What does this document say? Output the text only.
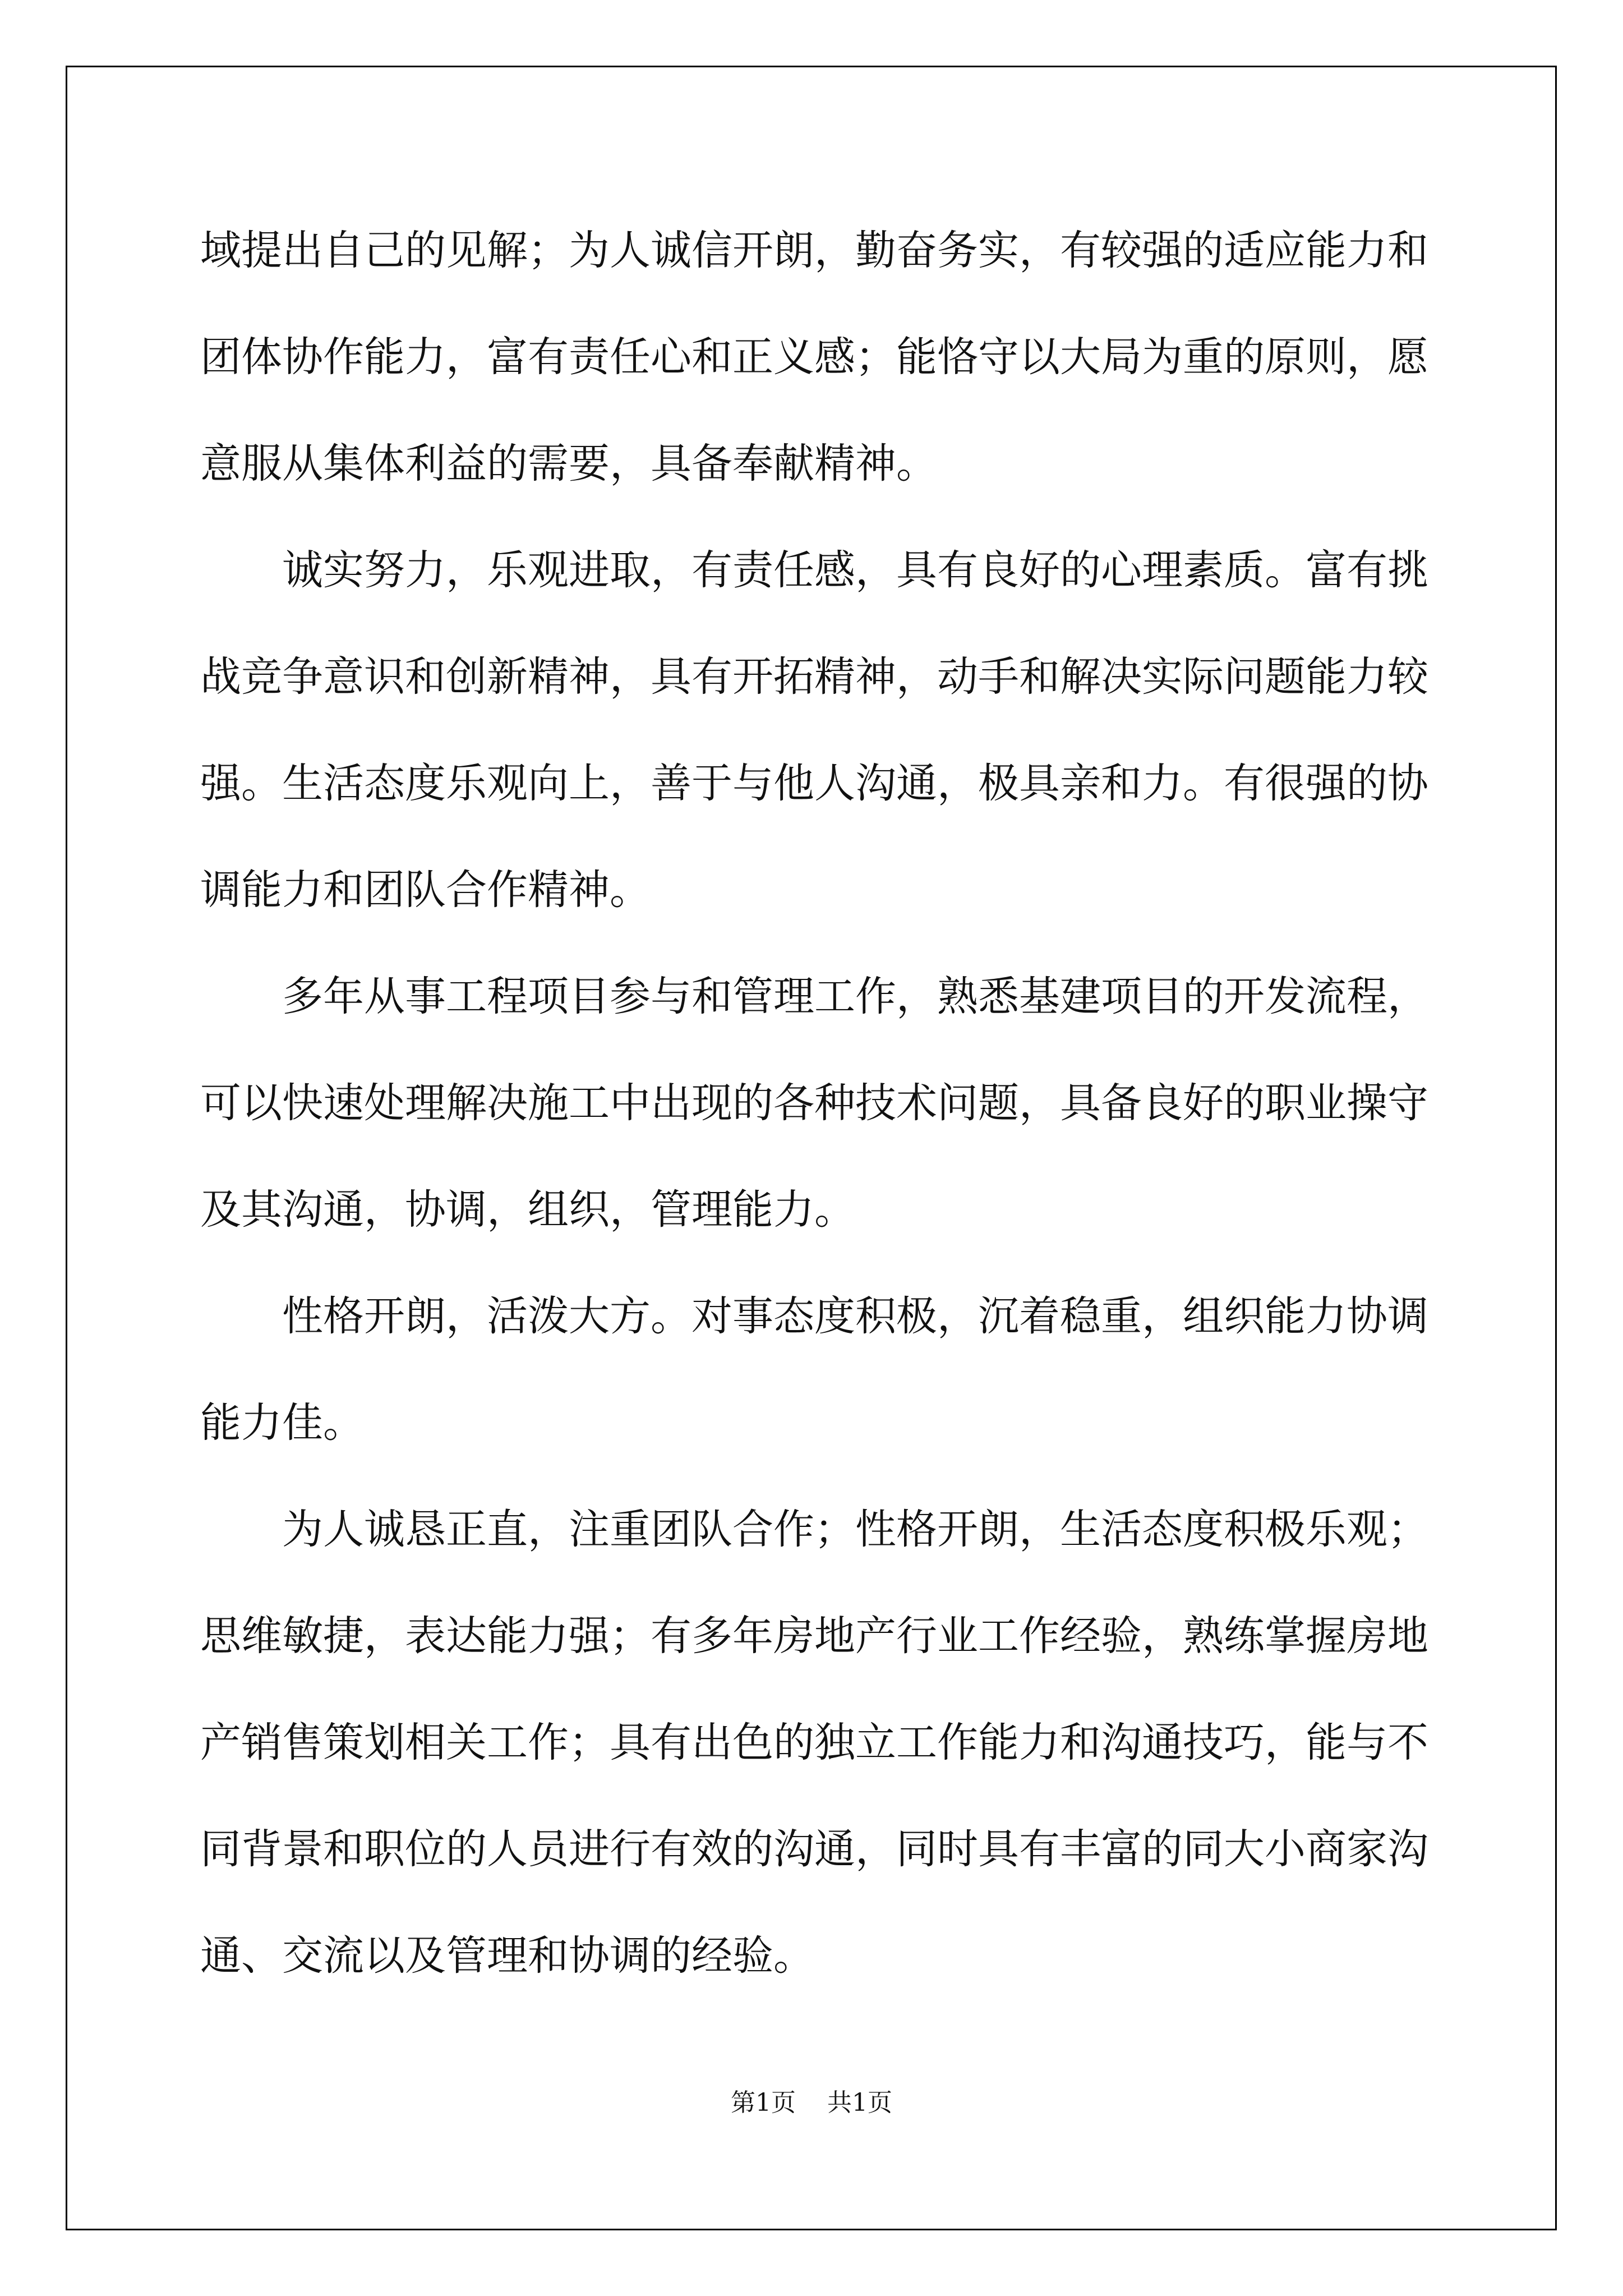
域提出自己的见解；为人诚信开朗，勤奋务实，有较强的适应能力和团体协作能力，富有责任心和正义感；能恪守以大局为重的原则，愿意服从集体利益的需要，具备奉献精神。

诚实努力，乐观进取，有责任感，具有良好的心理素质。富有挑战竞争意识和创新精神，具有开拓精神，动手和解决实际问题能力较强。生活态度乐观向上，善于与他人沟通，极具亲和力。有很强的协调能力和团队合作精神。

多年从事工程项目参与和管理工作，熟悉基建项目的开发流程，可以快速处理解决施工中出现的各种技术问题，具备良好的职业操守及其沟通，协调，组织，管理能力。

性格开朗，活泼大方。对事态度积极，沉着稳重，组织能力协调能力佳。

为人诚恳正直，注重团队合作；性格开朗，生活态度积极乐观；思维敏捷，表达能力强；有多年房地产行业工作经验，熟练掌握房地产销售策划相关工作；具有出色的独立工作能力和沟通技巧，能与不同背景和职位的人员进行有效的沟通，同时具有丰富的同大小商家沟通、交流以及管理和协调的经验。

第1页    共1页
